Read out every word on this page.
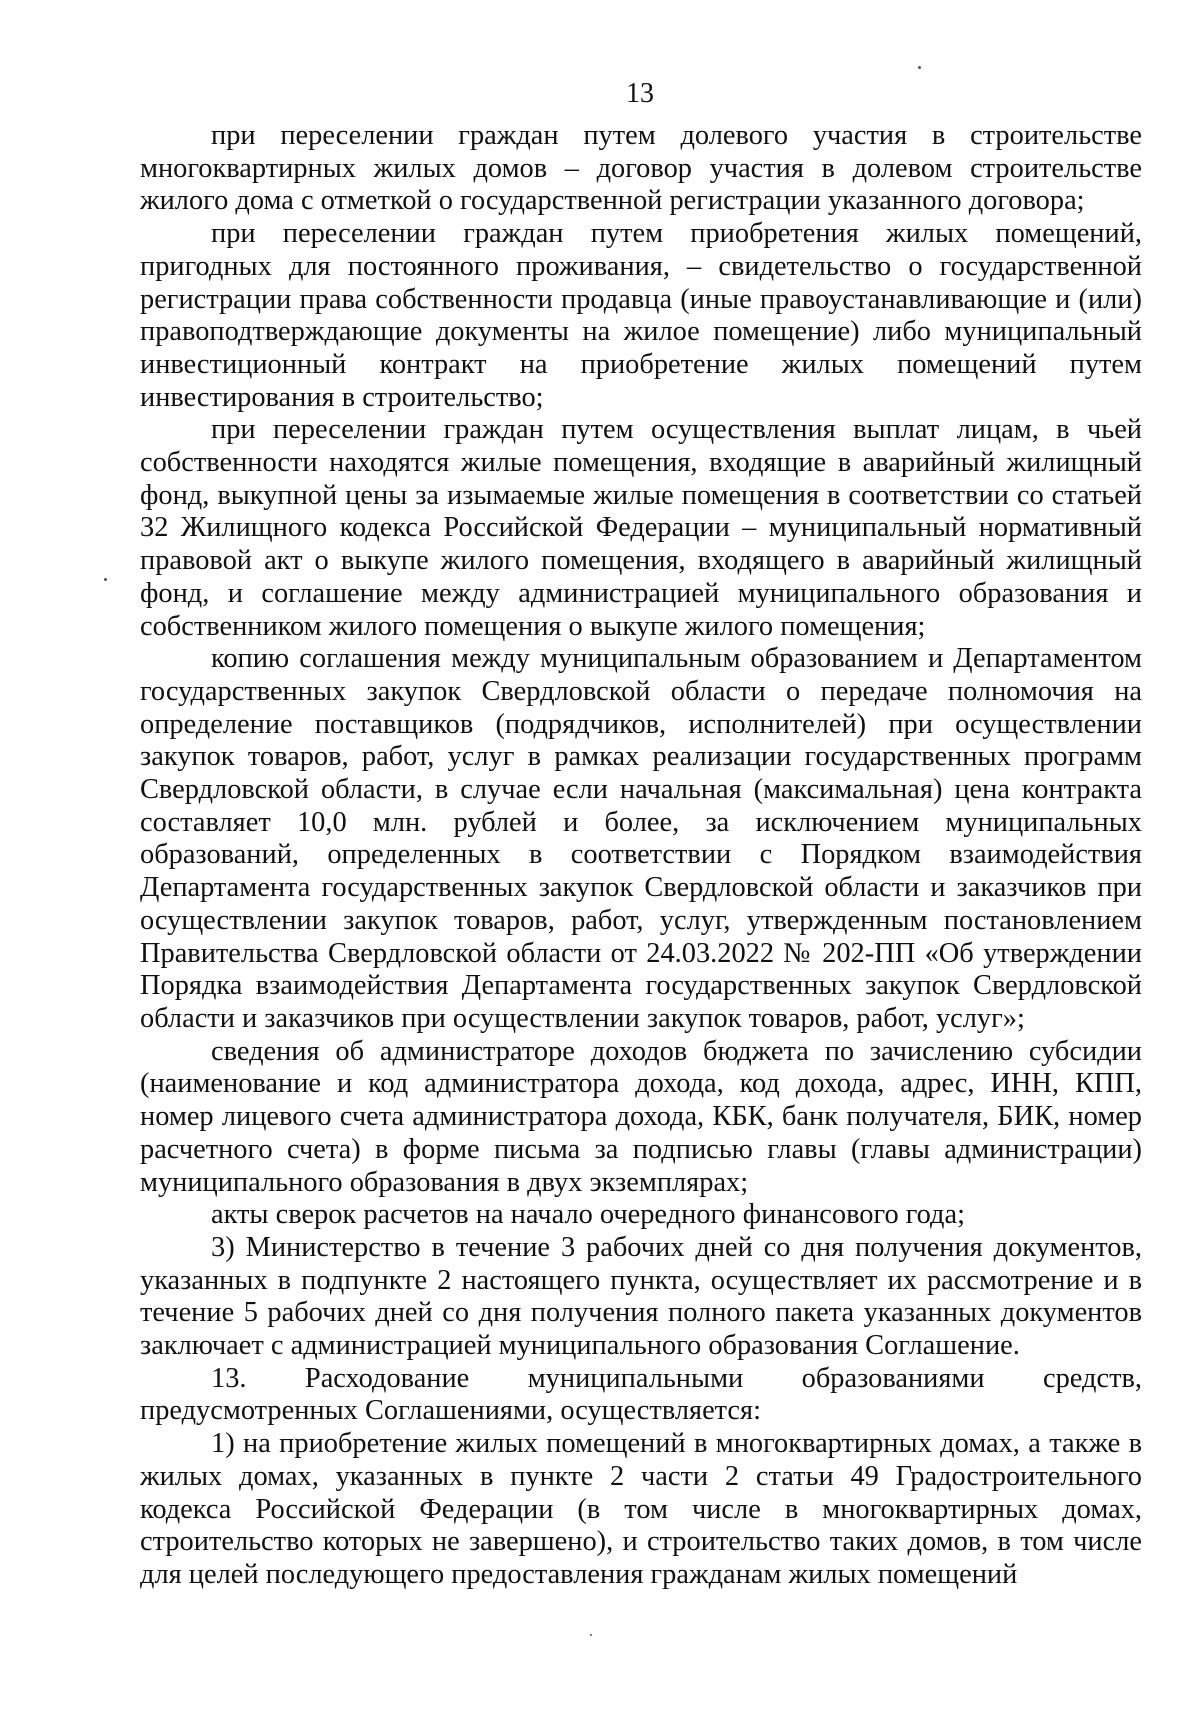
13

при переселении граждан путем долевого участия в строительстве многоквартирных жилых домов – договор участия в долевом строительстве жилого дома с отметкой о государственной регистрации указанного договора;

при переселении граждан путем приобретения жилых помещений, пригодных для постоянного проживания, – свидетельство о государственной регистрации права собственности продавца (иные правоустанавливающие и (или) правоподтверждающие документы на жилое помещение) либо муниципальный инвестиционный контракт на приобретение жилых помещений путем инвестирования в строительство;

при переселении граждан путем осуществления выплат лицам, в чьей собственности находятся жилые помещения, входящие в аварийный жилищный фонд, выкупной цены за изымаемые жилые помещения в соответствии со статьей 32 Жилищного кодекса Российской Федерации – муниципальный нормативный правовой акт о выкупе жилого помещения, входящего в аварийный жилищный фонд, и соглашение между администрацией муниципального образования и собственником жилого помещения о выкупе жилого помещения;

копию соглашения между муниципальным образованием и Департаментом государственных закупок Свердловской области о передаче полномочия на определение поставщиков (подрядчиков, исполнителей) при осуществлении закупок товаров, работ, услуг в рамках реализации государственных программ Свердловской области, в случае если начальная (максимальная) цена контракта составляет 10,0 млн. рублей и более, за исключением муниципальных образований, определенных в соответствии с Порядком взаимодействия Департамента государственных закупок Свердловской области и заказчиков при осуществлении закупок товаров, работ, услуг, утвержденным постановлением Правительства Свердловской области от 24.03.2022 № 202-ПП «Об утверждении Порядка взаимодействия Департамента государственных закупок Свердловской области и заказчиков при осуществлении закупок товаров, работ, услуг»;

сведения об администраторе доходов бюджета по зачислению субсидии (наименование и код администратора дохода, код дохода, адрес, ИНН, КПП, номер лицевого счета администратора дохода, КБК, банк получателя, БИК, номер расчетного счета) в форме письма за подписью главы (главы администрации) муниципального образования в двух экземплярах;

акты сверок расчетов на начало очередного финансового года;

3) Министерство в течение 3 рабочих дней со дня получения документов, указанных в подпункте 2 настоящего пункта, осуществляет их рассмотрение и в течение 5 рабочих дней со дня получения полного пакета указанных документов заключает с администрацией муниципального образования Соглашение.

13. Расходование муниципальными образованиями средств, предусмотренных Соглашениями, осуществляется:

1) на приобретение жилых помещений в многоквартирных домах, а также в жилых домах, указанных в пункте 2 части 2 статьи 49 Градостроительного кодекса Российской Федерации (в том числе в многоквартирных домах, строительство которых не завершено), и строительство таких домов, в том числе для целей последующего предоставления гражданам жилых помещений
